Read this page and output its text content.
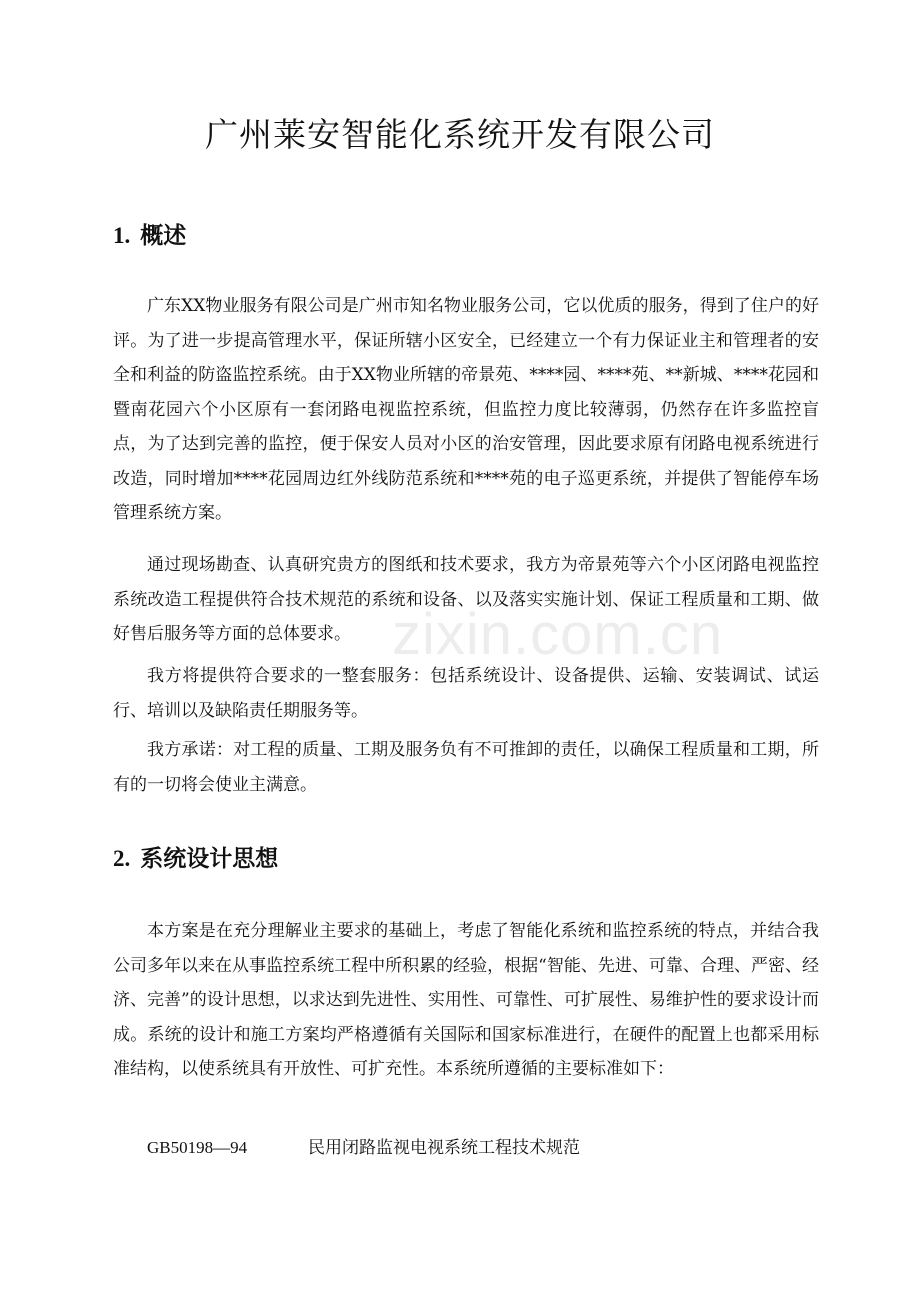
广州莱安智能化系统开发有限公司
1. 概述

广东XX物业服务有限公司是广州市知名物业服务公司，它以优质的服务，得到了住户的好评。为了进一步提高管理水平，保证所辖小区安全，已经建立一个有力保证业主和管理者的安全和利益的防盗监控系统。由于XX物业所辖的帝景苑、****园、****苑、**新城、****花园和暨南花园六个小区原有一套闭路电视监控系统，但监控力度比较薄弱，仍然存在许多监控盲点，为了达到完善的监控，便于保安人员对小区的治安管理，因此要求原有闭路电视系统进行改造，同时增加****花园周边红外线防范系统和****苑的电子巡更系统，并提供了智能停车场管理系统方案。

通过现场勘查、认真研究贵方的图纸和技术要求，我方为帝景苑等六个小区闭路电视监控系统改造工程提供符合技术规范的系统和设备、以及落实实施计划、保证工程质量和工期、做好售后服务等方面的总体要求。

我方将提供符合要求的一整套服务：包括系统设计、设备提供、运输、安装调试、试运行、培训以及缺陷责任期服务等。

我方承诺：对工程的质量、工期及服务负有不可推卸的责任，以确保工程质量和工期，所有的一切将会使业主满意。

2. 系统设计思想

本方案是在充分理解业主要求的基础上，考虑了智能化系统和监控系统的特点，并结合我公司多年以来在从事监控系统工程中所积累的经验，根据“智能、先进、可靠、合理、严密、经济、完善”的设计思想，以求达到先进性、实用性、可靠性、可扩展性、易维护性的要求设计而成。系统的设计和施工方案均严格遵循有关国际和国家标准进行，在硬件的配置上也都采用标准结构，以使系统具有开放性、可扩充性。本系统所遵循的主要标准如下：

GB50198—94	民用闭路监视电视系统工程技术规范
zixin.com.cn
